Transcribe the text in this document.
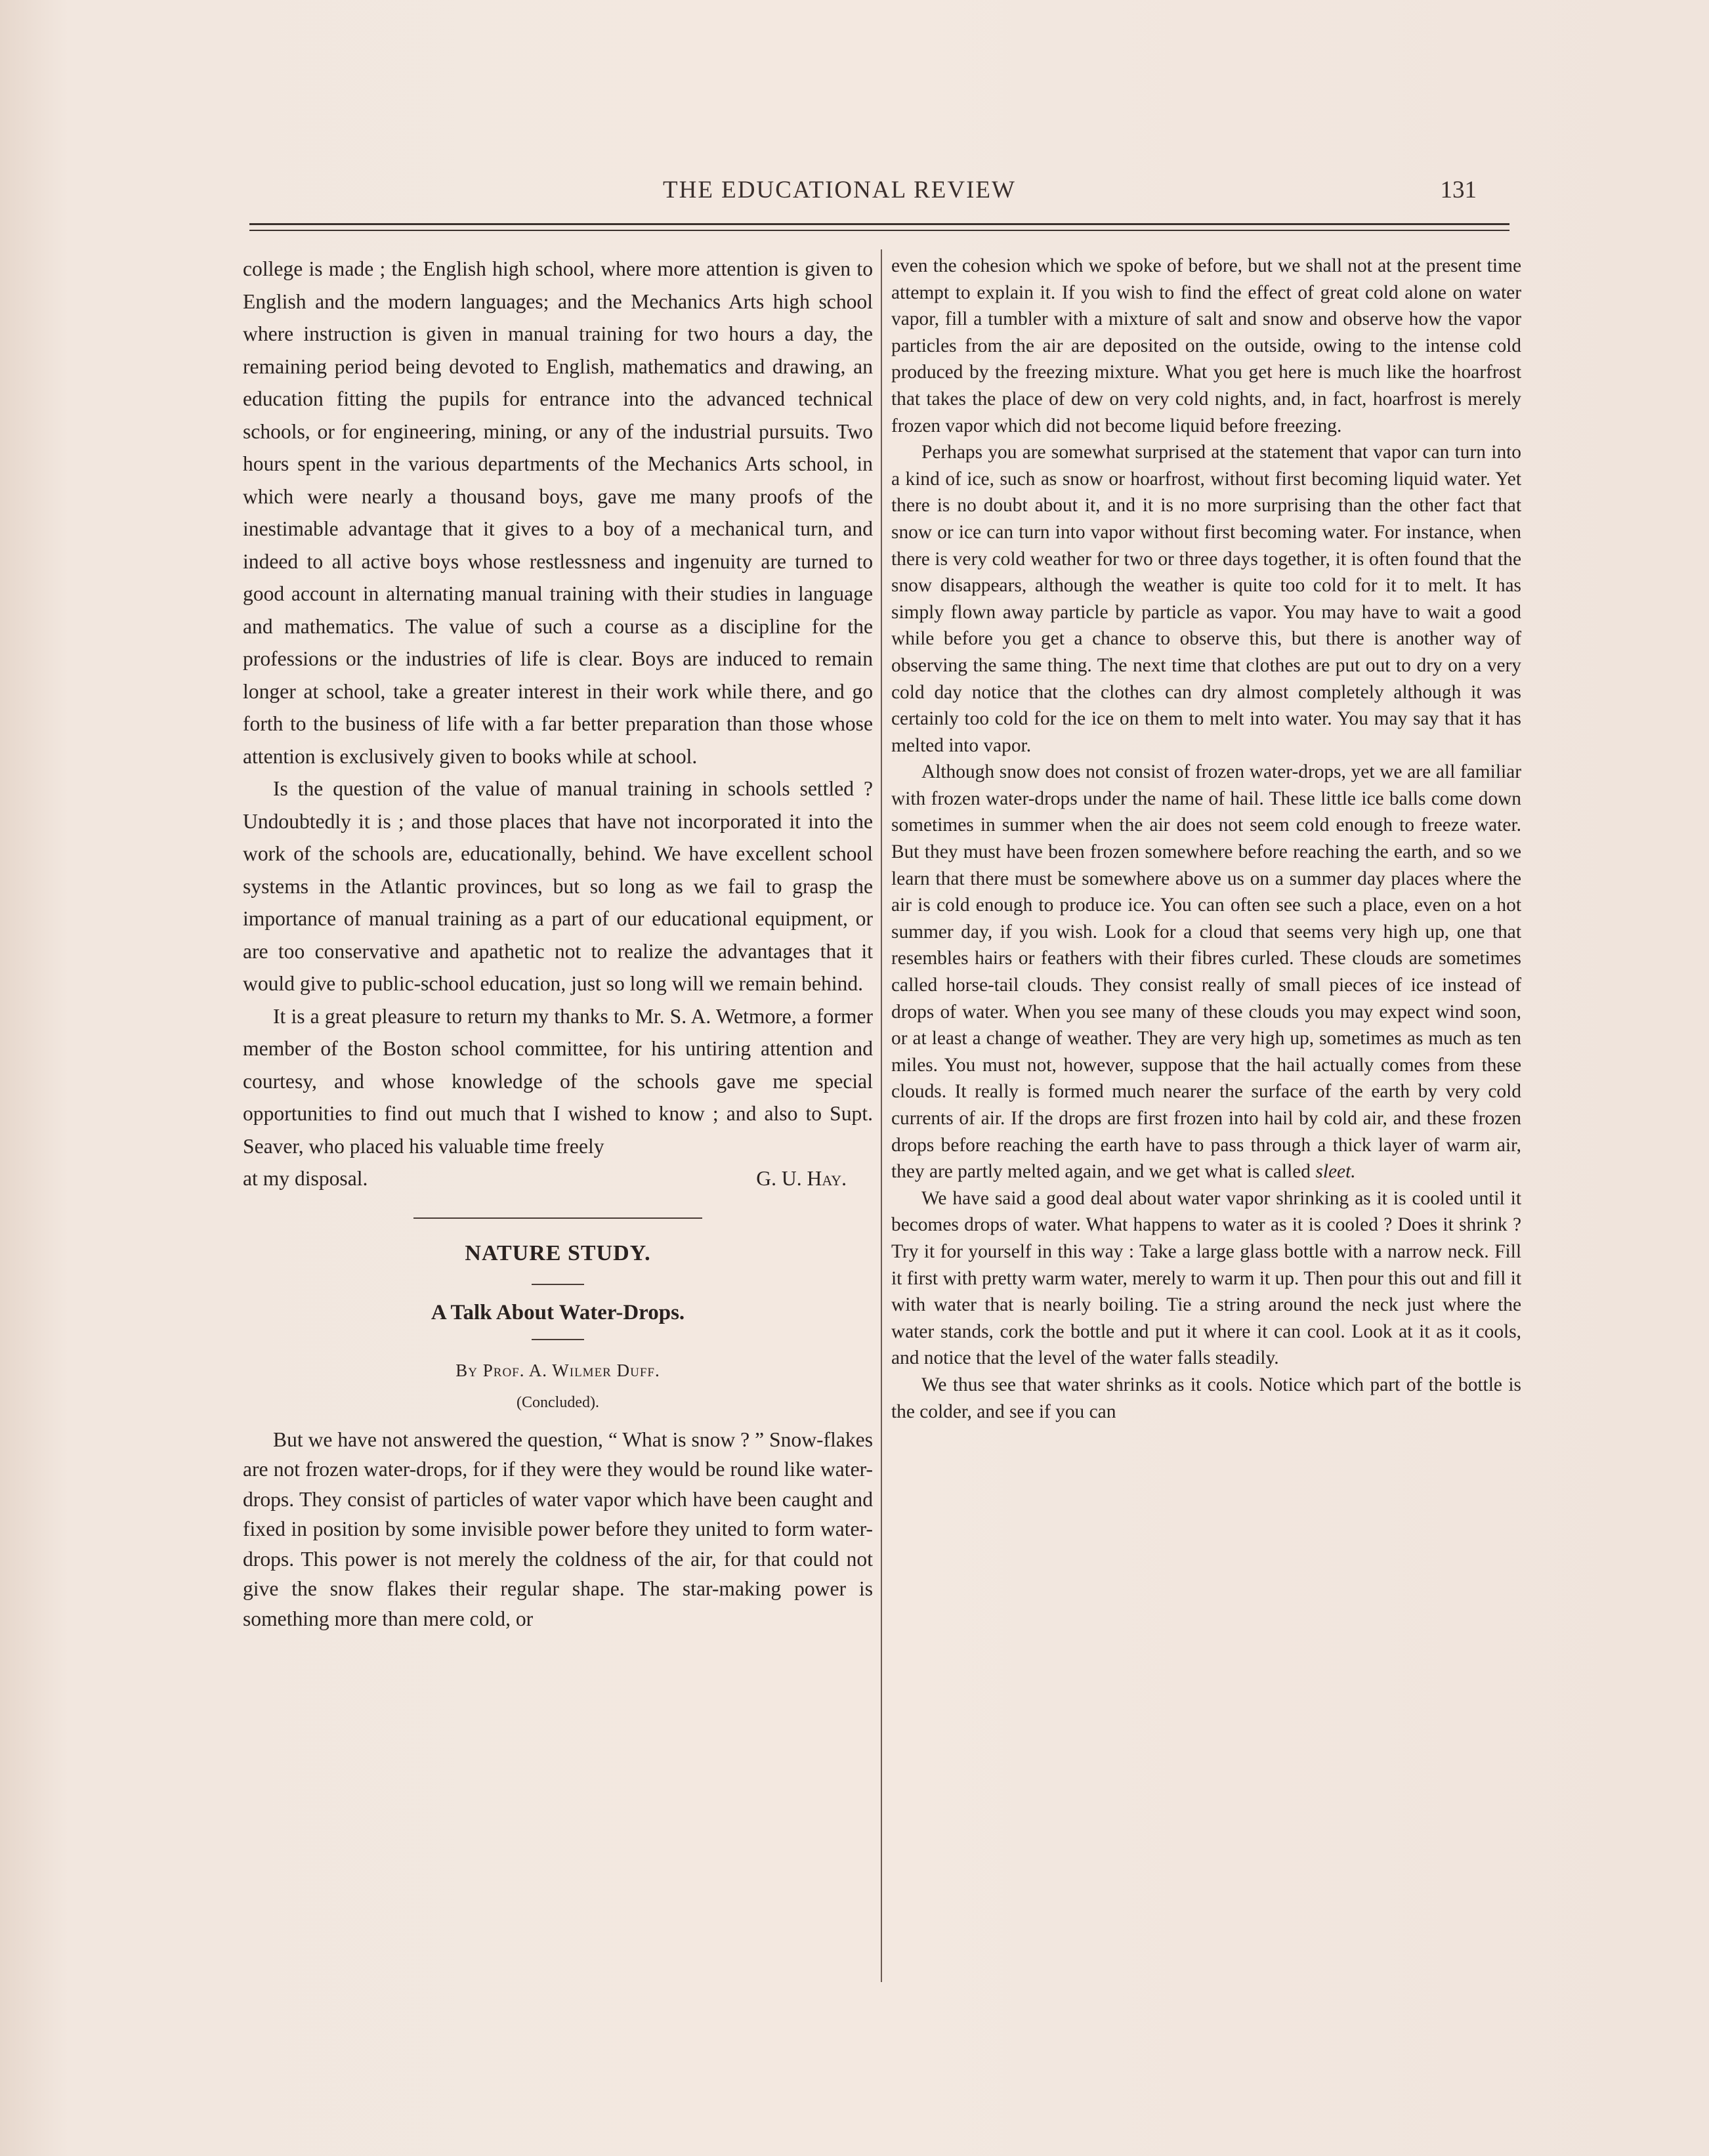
THE EDUCATIONAL REVIEW	131

college is made ; the English high school, where more attention is given to English and the modern languages; and the Mechanics Arts high school where instruction is given in manual training for two hours a day, the remaining period being devoted to English, mathematics and drawing, an education fitting the pupils for entrance into the advanced technical schools, or for engineering, mining, or any of the industrial pursuits. Two hours spent in the various departments of the Mechanics Arts school, in which were nearly a thousand boys, gave me many proofs of the inestimable advantage that it gives to a boy of a mechanical turn, and indeed to all active boys whose restlessness and ingenuity are turned to good account in alternating manual training with their studies in language and mathematics. The value of such a course as a discipline for the professions or the industries of life is clear. Boys are induced to remain longer at school, take a greater interest in their work while there, and go forth to the business of life with a far better preparation than those whose attention is exclusively given to books while at school.

Is the question of the value of manual training in schools settled ? Undoubtedly it is ; and those places that have not incorporated it into the work of the schools are, educationally, behind. We have excellent school systems in the Atlantic provinces, but so long as we fail to grasp the importance of manual training as a part of our educational equipment, or are too conservative and apathetic not to realize the advantages that it would give to public-school education, just so long will we remain behind.

It is a great pleasure to return my thanks to Mr. S. A. Wetmore, a former member of the Boston school committee, for his untiring attention and courtesy, and whose knowledge of the schools gave me special opportunities to find out much that I wished to know ; and also to Supt. Seaver, who placed his valuable time freely

at my disposal.	G. U. Hay.
NATURE STUDY.
A Talk About Water-Drops.
By Prof. A. Wilmer Duff.
(Concluded).

But we have not answered the question, “ What is snow ? ” Snow-flakes are not frozen water-drops, for if they were they would be round like water-drops. They consist of particles of water vapor which have been caught and fixed in position by some invisible power before they united to form water-drops. This power is not merely the coldness of the air, for that could not give the snow flakes their regular shape. The star-making power is something more than mere cold, or

even the cohesion which we spoke of before, but we shall not at the present time attempt to explain it. If you wish to find the effect of great cold alone on water vapor, fill a tumbler with a mixture of salt and snow and observe how the vapor particles from the air are deposited on the outside, owing to the intense cold produced by the freezing mixture. What you get here is much like the hoarfrost that takes the place of dew on very cold nights, and, in fact, hoarfrost is merely frozen vapor which did not become liquid before freezing.

Perhaps you are somewhat surprised at the statement that vapor can turn into a kind of ice, such as snow or hoarfrost, without first becoming liquid water. Yet there is no doubt about it, and it is no more surprising than the other fact that snow or ice can turn into vapor without first becoming water. For instance, when there is very cold weather for two or three days together, it is often found that the snow disappears, although the weather is quite too cold for it to melt. It has simply flown away particle by particle as vapor. You may have to wait a good while before you get a chance to observe this, but there is another way of observing the same thing. The next time that clothes are put out to dry on a very cold day notice that the clothes can dry almost completely although it was certainly too cold for the ice on them to melt into water. You may say that it has melted into vapor.

Although snow does not consist of frozen water-drops, yet we are all familiar with frozen water-drops under the name of hail. These little ice balls come down sometimes in summer when the air does not seem cold enough to freeze water. But they must have been frozen somewhere before reaching the earth, and so we learn that there must be somewhere above us on a summer day places where the air is cold enough to produce ice. You can often see such a place, even on a hot summer day, if you wish. Look for a cloud that seems very high up, one that resembles hairs or feathers with their fibres curled. These clouds are sometimes called horse-tail clouds. They consist really of small pieces of ice instead of drops of water. When you see many of these clouds you may expect wind soon, or at least a change of weather. They are very high up, sometimes as much as ten miles. You must not, however, suppose that the hail actually comes from these clouds. It really is formed much nearer the surface of the earth by very cold currents of air. If the drops are first frozen into hail by cold air, and these frozen drops before reaching the earth have to pass through a thick layer of warm air, they are partly melted again, and we get what is called sleet.

We have said a good deal about water vapor shrinking as it is cooled until it becomes drops of water. What happens to water as it is cooled ? Does it shrink ? Try it for yourself in this way : Take a large glass bottle with a narrow neck. Fill it first with pretty warm water, merely to warm it up. Then pour this out and fill it with water that is nearly boiling. Tie a string around the neck just where the water stands, cork the bottle and put it where it can cool. Look at it as it cools, and notice that the level of the water falls steadily.

We thus see that water shrinks as it cools. Notice which part of the bottle is the colder, and see if you can
